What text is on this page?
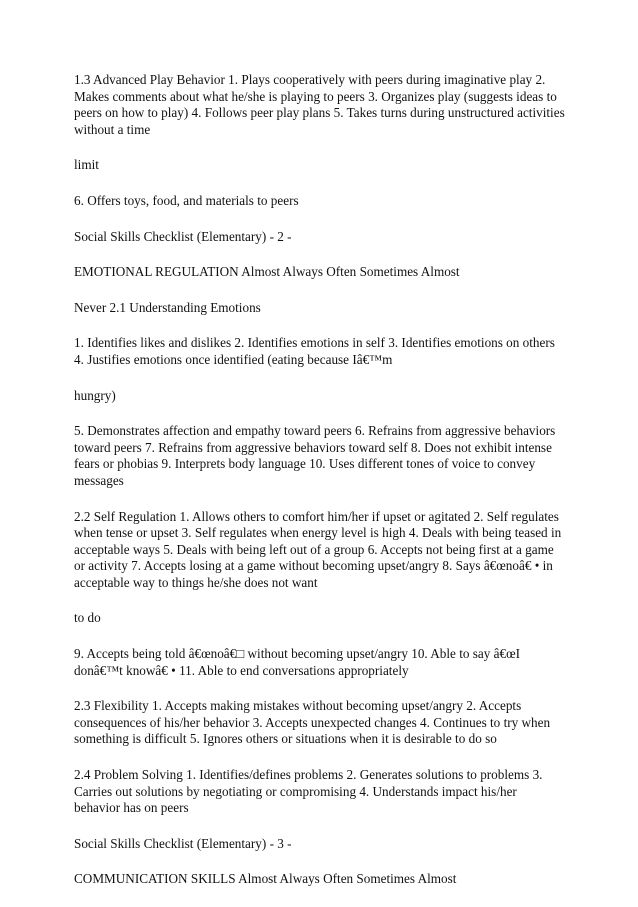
1.3 Advanced Play Behavior 1. Plays cooperatively with peers during imaginative play 2. Makes comments about what he/she is playing to peers 3. Organizes play (suggests ideas to peers on how to play) 4. Follows peer play plans 5. Takes turns during unstructured activities without a time

limit

6. Offers toys, food, and materials to peers

Social Skills Checklist (Elementary) - 2 -

EMOTIONAL REGULATION Almost Always Often Sometimes Almost

Never 2.1 Understanding Emotions

1. Identifies likes and dislikes 2. Identifies emotions in self 3. Identifies emotions on others 4. Justifies emotions once identified (eating because Iâ€™m

hungry)

5. Demonstrates affection and empathy toward peers 6. Refrains from aggressive behaviors toward peers 7. Refrains from aggressive behaviors toward self 8. Does not exhibit intense fears or phobias 9. Interprets body language 10. Uses different tones of voice to convey messages

2.2 Self Regulation 1. Allows others to comfort him/her if upset or agitated 2. Self regulates when tense or upset 3. Self regulates when energy level is high 4. Deals with being teased in acceptable ways 5. Deals with being left out of a group 6. Accepts not being first at a game or activity 7. Accepts losing at a game without becoming upset/angry 8. Says â€œnoâ€ • in acceptable way to things he/she does not want

to do

9. Accepts being told â€œnoâ€□ without becoming upset/angry 10. Able to say â€œI donâ€™t knowâ€ • 11. Able to end conversations appropriately

2.3 Flexibility 1. Accepts making mistakes without becoming upset/angry 2. Accepts consequences of his/her behavior 3. Accepts unexpected changes 4. Continues to try when something is difficult 5. Ignores others or situations when it is desirable to do so

2.4 Problem Solving 1. Identifies/defines problems 2. Generates solutions to problems 3. Carries out solutions by negotiating or compromising 4. Understands impact his/her behavior has on peers

Social Skills Checklist (Elementary) - 3 -

COMMUNICATION SKILLS Almost Always Often Sometimes Almost
